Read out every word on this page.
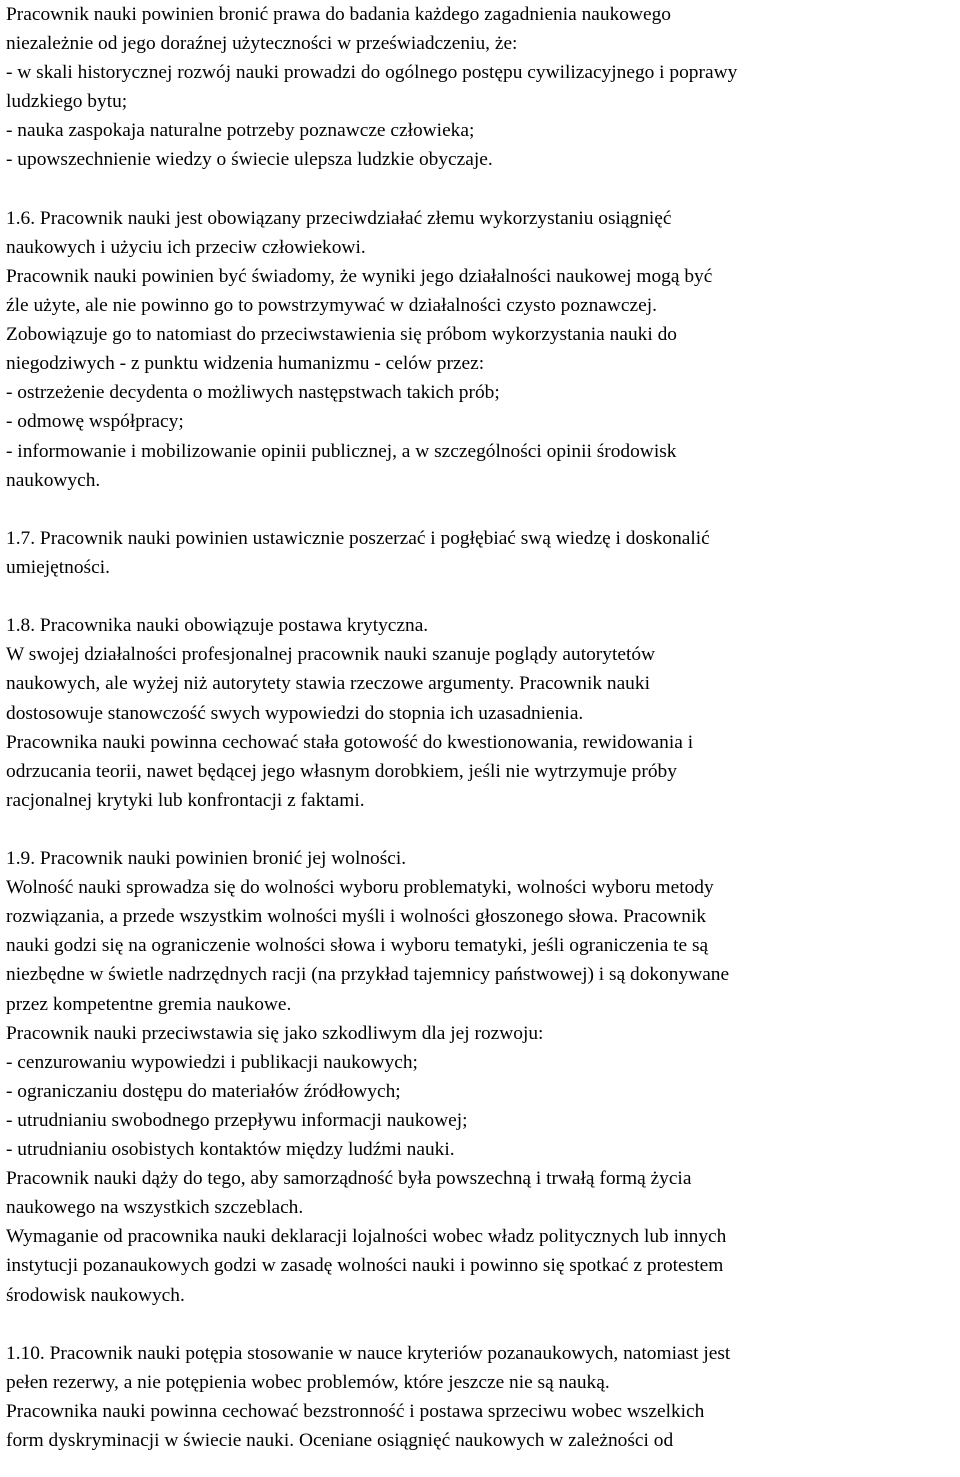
Pracownik nauki powinien bronić prawa do badania każdego zagadnienia naukowego
niezależnie od jego doraźnej użyteczności w przeświadczeniu, że:
- w skali historycznej rozwój nauki prowadzi do ogólnego postępu cywilizacyjnego i poprawy
ludzkiego bytu;
- nauka zaspokaja naturalne potrzeby poznawcze człowieka;
- upowszechnienie wiedzy o świecie ulepsza ludzkie obyczaje.
1.6. Pracownik nauki jest obowiązany przeciwdziałać złemu wykorzystaniu osiągnięć
naukowych i użyciu ich przeciw człowiekowi.
Pracownik nauki powinien być świadomy, że wyniki jego działalności naukowej mogą być
źle użyte, ale nie powinno go to powstrzymywać w działalności czysto poznawczej.
Zobowiązuje go to natomiast do przeciwstawienia się próbom wykorzystania nauki do
niegodziwych - z punktu widzenia humanizmu - celów przez:
- ostrzeżenie decydenta o możliwych następstwach takich prób;
- odmowę współpracy;
- informowanie i mobilizowanie opinii publicznej, a w szczególności opinii środowisk
naukowych.
1.7. Pracownik nauki powinien ustawicznie poszerzać i pogłębiać swą wiedzę i doskonalić
umiejętności.
1.8. Pracownika nauki obowiązuje postawa krytyczna.
W swojej działalności profesjonalnej pracownik nauki szanuje poglądy autorytetów
naukowych, ale wyżej niż autorytety stawia rzeczowe argumenty. Pracownik nauki
dostosowuje stanowczość swych wypowiedzi do stopnia ich uzasadnienia.
Pracownika nauki powinna cechować stała gotowość do kwestionowania, rewidowania i
odrzucania teorii, nawet będącej jego własnym dorobkiem, jeśli nie wytrzymuje próby
racjonalnej krytyki lub konfrontacji z faktami.
1.9. Pracownik nauki powinien bronić jej wolności.
Wolność nauki sprowadza się do wolności wyboru problematyki, wolności wyboru metody
rozwiązania, a przede wszystkim wolności myśli i wolności głoszonego słowa. Pracownik
nauki godzi się na ograniczenie wolności słowa i wyboru tematyki, jeśli ograniczenia te są
niezbędne w świetle nadrzędnych racji (na przykład tajemnicy państwowej) i są dokonywane
przez kompetentne gremia naukowe.
Pracownik nauki przeciwstawia się jako szkodliwym dla jej rozwoju:
- cenzurowaniu wypowiedzi i publikacji naukowych;
- ograniczaniu dostępu do materiałów źródłowych;
- utrudnianiu swobodnego przepływu informacji naukowej;
- utrudnianiu osobistych kontaktów między ludźmi nauki.
Pracownik nauki dąży do tego, aby samorządność była powszechną i trwałą formą życia
naukowego na wszystkich szczeblach.
Wymaganie od pracownika nauki deklaracji lojalności wobec władz politycznych lub innych
instytucji pozanaukowych godzi w zasadę wolności nauki i powinno się spotkać z protestem
środowisk naukowych.
1.10. Pracownik nauki potępia stosowanie w nauce kryteriów pozanaukowych, natomiast jest
pełen rezerwy, a nie potępienia wobec problemów, które jeszcze nie są nauką.
Pracownika nauki powinna cechować bezstronność i postawa sprzeciwu wobec wszelkich
form dyskryminacji w świecie nauki. Oceniane osiągnięć naukowych w zależności od
